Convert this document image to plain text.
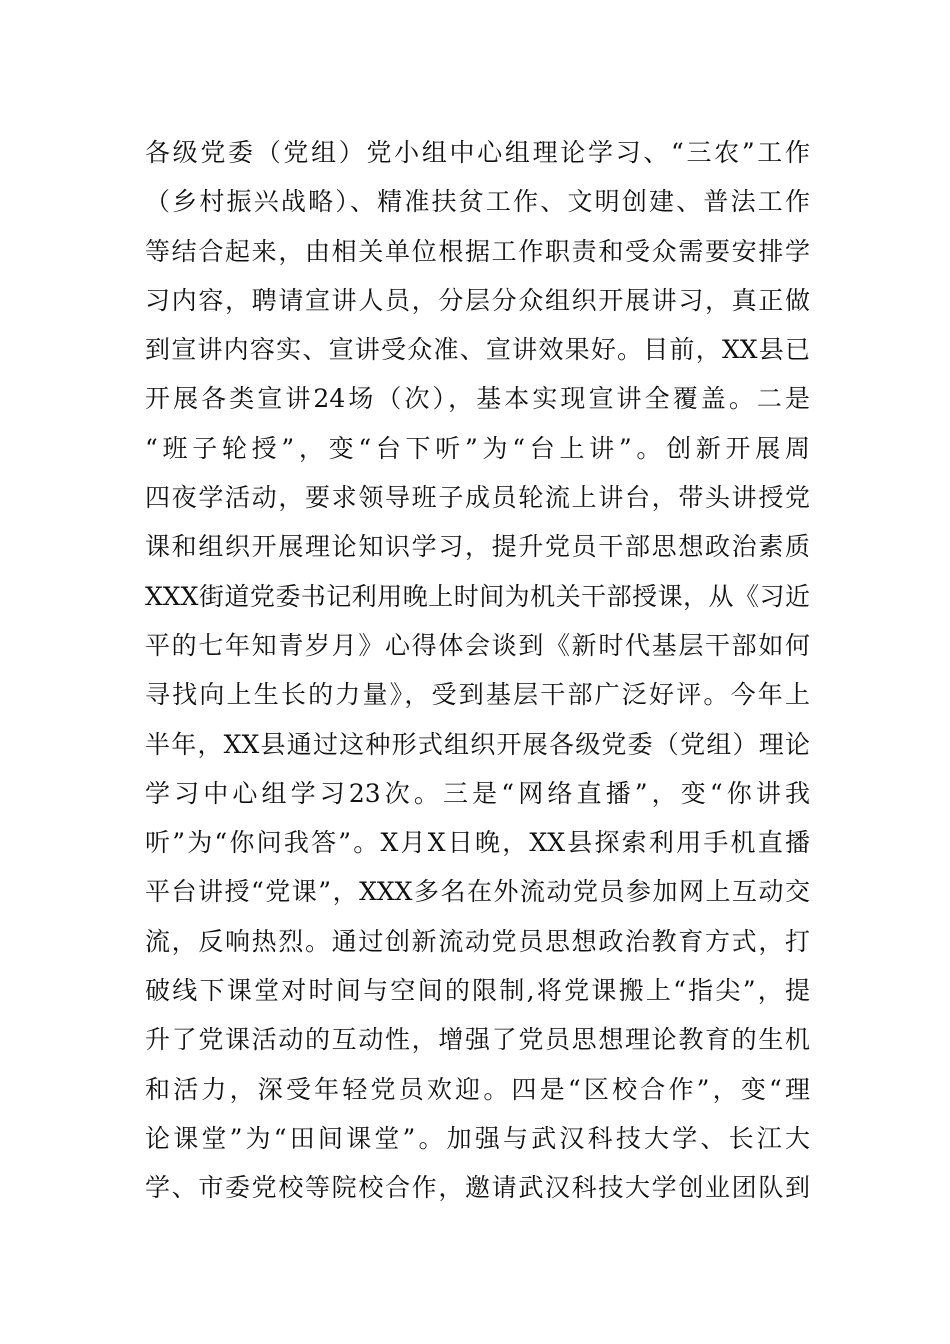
各级党委（党组）党小组中心组理论学习、“三农”工作
（乡村振兴战略）、精准扶贫工作、文明创建、普法工作
等结合起来，由相关单位根据工作职责和受众需要安排学
习内容，聘请宣讲人员，分层分众组织开展讲习，真正做
到宣讲内容实、宣讲受众准、宣讲效果好。目前，XX县已
开展各类宣讲24场（次），基本实现宣讲全覆盖。二是
“班子轮授”，变“台下听”为“台上讲”。创新开展周
四夜学活动，要求领导班子成员轮流上讲台，带头讲授党
课和组织开展理论知识学习，提升党员干部思想政治素质
XXX街道党委书记利用晚上时间为机关干部授课，从《习近
平的七年知青岁月》心得体会谈到《新时代基层干部如何
寻找向上生长的力量》，受到基层干部广泛好评。今年上
半年，XX县通过这种形式组织开展各级党委（党组）理论
学习中心组学习23次。三是“网络直播”，变“你讲我
听”为“你问我答”。X月X日晚，XX县探索利用手机直播
平台讲授“党课”，XXX多名在外流动党员参加网上互动交
流，反响热烈。通过创新流动党员思想政治教育方式，打
破线下课堂对时间与空间的限制,将党课搬上“指尖”，提
升了党课活动的互动性，增强了党员思想理论教育的生机
和活力，深受年轻党员欢迎。四是“区校合作”，变“理
论课堂”为“田间课堂”。加强与武汉科技大学、长江大
学、市委党校等院校合作，邀请武汉科技大学创业团队到
